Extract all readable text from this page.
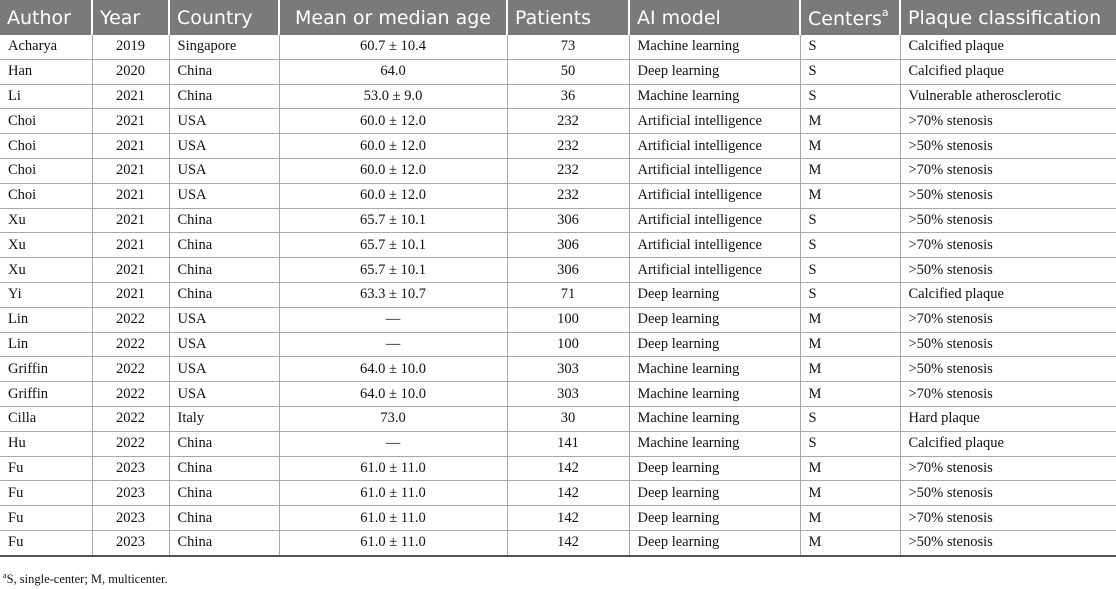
Author	Year	Country	Mean or median age	Patients	AI model	Centers$^a$	Plaque classification
Acharya	2019	Singapore	60.7 ± 10.4	73	Machine learning	S	Calcified plaque
Han	2020	China	64.0	50	Deep learning	S	Calcified plaque
Li	2021	China	53.0 ± 9.0	36	Machine learning	S	Vulnerable atherosclerotic
Choi	2021	USA	60.0 ± 12.0	232	Artificial intelligence	M	>70% stenosis
Choi	2021	USA	60.0 ± 12.0	232	Artificial intelligence	M	>50% stenosis
Choi	2021	USA	60.0 ± 12.0	232	Artificial intelligence	M	>70% stenosis
Choi	2021	USA	60.0 ± 12.0	232	Artificial intelligence	M	>50% stenosis
Xu	2021	China	65.7 ± 10.1	306	Artificial intelligence	S	>50% stenosis
Xu	2021	China	65.7 ± 10.1	306	Artificial intelligence	S	>70% stenosis
Xu	2021	China	65.7 ± 10.1	306	Artificial intelligence	S	>50% stenosis
Yi	2021	China	63.3 ± 10.7	71	Deep learning	S	Calcified plaque
Lin	2022	USA	—	100	Deep learning	M	>70% stenosis
Lin	2022	USA	—	100	Deep learning	M	>50% stenosis
Griffin	2022	USA	64.0 ± 10.0	303	Machine learning	M	>50% stenosis
Griffin	2022	USA	64.0 ± 10.0	303	Machine learning	M	>70% stenosis
Cilla	2022	Italy	73.0	30	Machine learning	S	Hard plaque
Hu	2022	China	—	141	Machine learning	S	Calcified plaque
Fu	2023	China	61.0 ± 11.0	142	Deep learning	M	>70% stenosis
Fu	2023	China	61.0 ± 11.0	142	Deep learning	M	>50% stenosis
Fu	2023	China	61.0 ± 11.0	142	Deep learning	M	>70% stenosis
Fu	2023	China	61.0 ± 11.0	142	Deep learning	M	>50% stenosis
$^a$S, single-center; M, multicenter.
